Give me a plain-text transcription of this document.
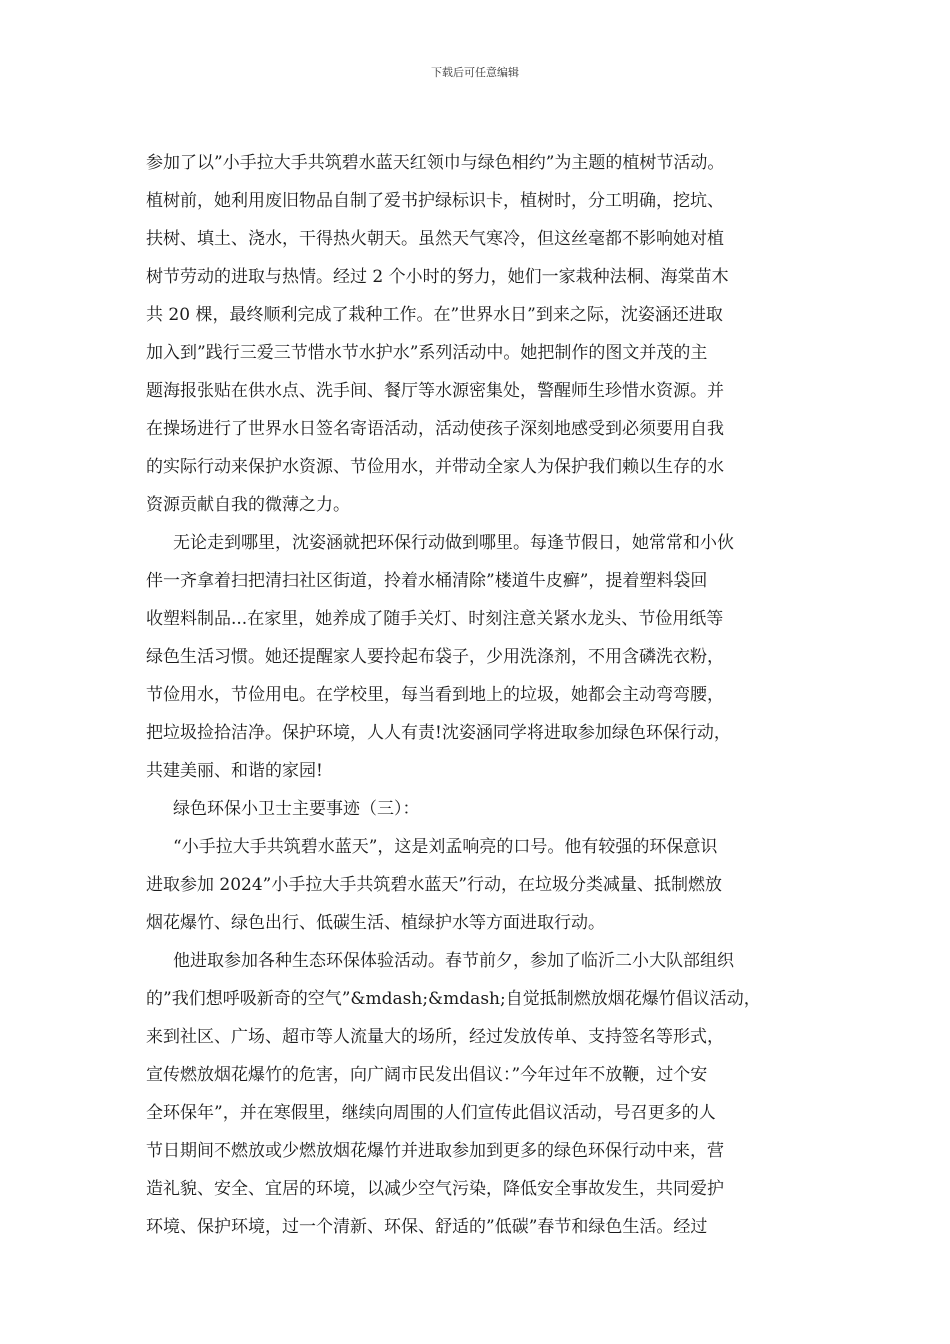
下载后可任意编辑
参加了以”小手拉大手共筑碧水蓝天红领巾与绿色相约”为主题的植树节活动。
植树前，她利用废旧物品自制了爱书护绿标识卡，植树时，分工明确，挖坑、
扶树、填土、浇水，干得热火朝天。虽然天气寒冷，但这丝毫都不影响她对植
树节劳动的进取与热情。经过 2 个小时的努力，她们一家栽种法桐、海棠苗木
共 20 棵，最终顺利完成了栽种工作。在”世界水日”到来之际，沈姿涵还进取
加入到”践行三爱三节惜水节水护水”系列活动中。她把制作的图文并茂的主
题海报张贴在供水点、洗手间、餐厅等水源密集处，警醒师生珍惜水资源。并
在操场进行了世界水日签名寄语活动，活动使孩子深刻地感受到必须要用自我
的实际行动来保护水资源、节俭用水，并带动全家人为保护我们赖以生存的水
资源贡献自我的微薄之力。
无论走到哪里，沈姿涵就把环保行动做到哪里。每逢节假日，她常常和小伙
伴一齐拿着扫把清扫社区街道，拎着水桶清除”楼道牛皮癣”，提着塑料袋回
收塑料制品...在家里，她养成了随手关灯、时刻注意关紧水龙头、节俭用纸等
绿色生活习惯。她还提醒家人要拎起布袋子，少用洗涤剂，不用含磷洗衣粉，
节俭用水，节俭用电。在学校里，每当看到地上的垃圾，她都会主动弯弯腰，
把垃圾捡拾洁净。保护环境，人人有责!沈姿涵同学将进取参加绿色环保行动，
共建美丽、和谐的家园!
绿色环保小卫士主要事迹（三）：
“小手拉大手共筑碧水蓝天”，这是刘孟响亮的口号。他有较强的环保意识
进取参加 2024”小手拉大手共筑碧水蓝天”行动，在垃圾分类减量、抵制燃放
烟花爆竹、绿色出行、低碳生活、植绿护水等方面进取行动。
他进取参加各种生态环保体验活动。春节前夕，参加了临沂二小大队部组织
的”我们想呼吸新奇的空气”&mdash;&mdash;自觉抵制燃放烟花爆竹倡议活动，
来到社区、广场、超市等人流量大的场所，经过发放传单、支持签名等形式，
宣传燃放烟花爆竹的危害，向广阔市民发出倡议：”今年过年不放鞭，过个安
全环保年”，并在寒假里，继续向周围的人们宣传此倡议活动，号召更多的人
节日期间不燃放或少燃放烟花爆竹并进取参加到更多的绿色环保行动中来，营
造礼貌、安全、宜居的环境，以减少空气污染，降低安全事故发生，共同爱护
环境、保护环境，过一个清新、环保、舒适的”低碳”春节和绿色生活。经过
